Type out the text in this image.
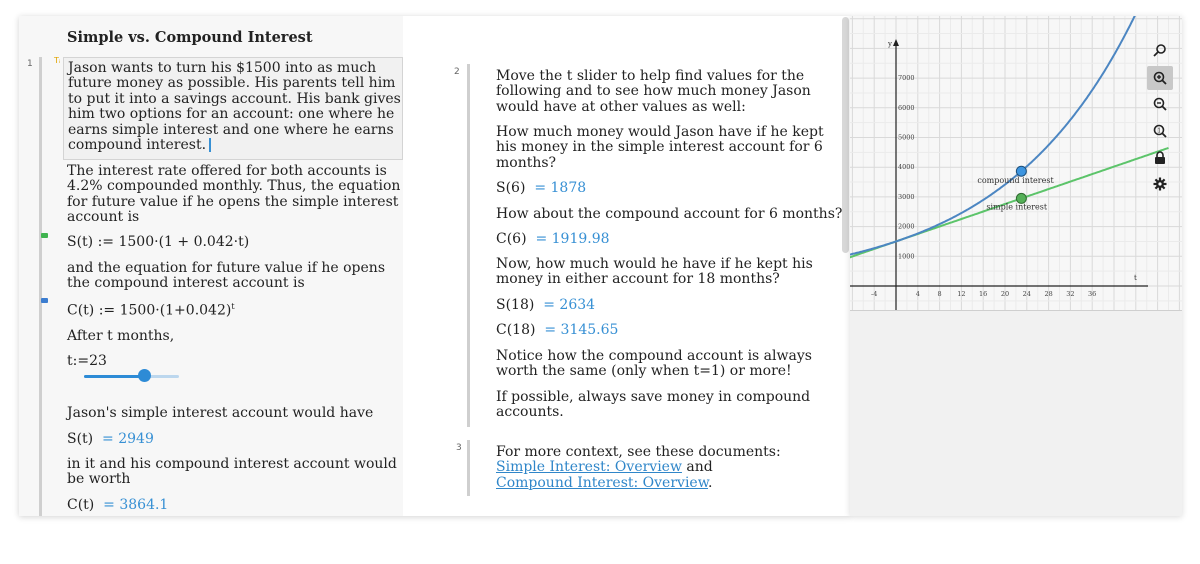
Simple vs. Compound Interest
1	Tᵢ Jason wants to turn his $1500 into as much future money as possible. His parents tell him to put it into a savings account. His bank gives him two options for an account: one where he earns simple interest and one where he earns compound interest.
The interest rate offered for both accounts is 4.2% compounded monthly. Thus, the equation for future value if he opens the simple interest account is
S(t) := 1500·(1 + 0.042·t)
and the equation for future value if he opens the compound interest account is
C(t) := $1500\cdot(1+0.042)^t$
After t months,
t:=23
Jason's simple interest account would have
S(t) = 2949
in it and his compound interest account would be worth
C(t) = 3864.1
2	Move the t slider to help find values for the following and to see how much money Jason would have at other values as well:
How much money would Jason have if he kept his money in the simple interest account for 6 months?
S(6) = 1878
How about the compound account for 6 months?
C(6) = 1919.98
Now, how much would he have if he kept his money in either account for 18 months?
S(18) = 2634
C(18) = 3145.65
Notice how the compound account is always worth the same (only when t=1) or more!
If possible, always save money in compound accounts.
3 For more context, see these documents:
Simple Interest: Overview and
Compound Interest: Overview.
t
y
-4	4	8 12 16 20 24 28 32 36
1000
2000
3000
4000
5000
6000
7000
compound interest
simple interest
1
